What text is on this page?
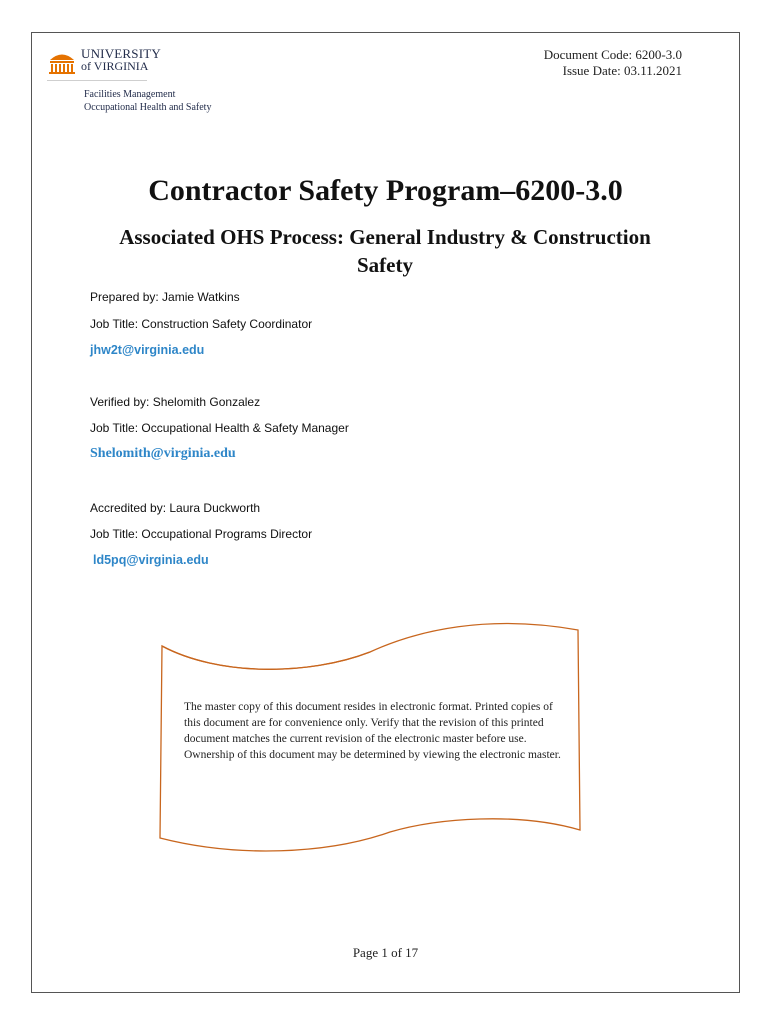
UNIVERSITY
of VIRGINIA
Facilities Management
Occupational Health and Safety
Document Code: 6200-3.0
Issue Date: 03.11.2021
Contractor Safety Program–6200-3.0
Associated OHS Process: General Industry & Construction Safety
Prepared by: Jamie Watkins
Job Title: Construction Safety Coordinator
jhw2t@virginia.edu
Verified by: Shelomith Gonzalez
Job Title: Occupational Health & Safety Manager
Shelomith@virginia.edu
Accredited by: Laura Duckworth
Job Title: Occupational Programs Director
ld5pq@virginia.edu
The master copy of this document resides in electronic format. Printed copies of this document are for convenience only. Verify that the revision of this printed document matches the current revision of the electronic master before use. Ownership of this document may be determined by viewing the electronic master.
Page 1 of 17
